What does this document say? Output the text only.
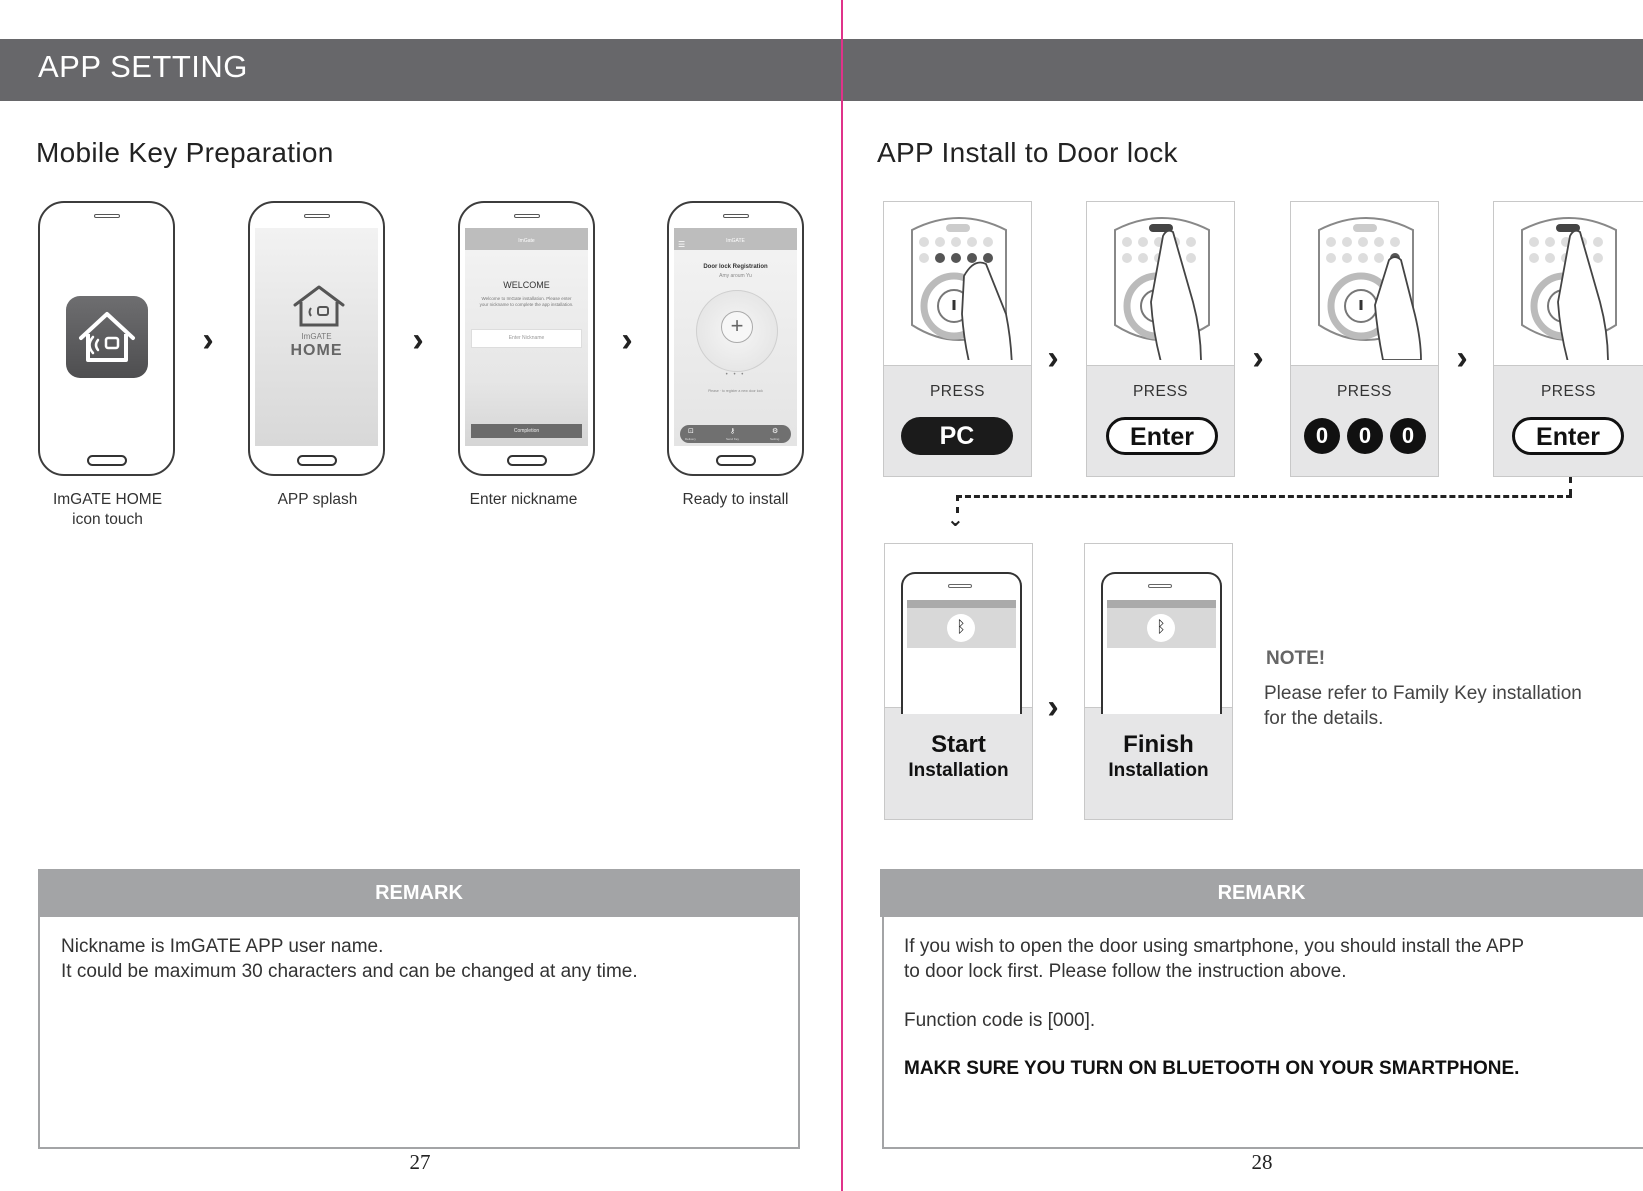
APP SETTING
Mobile Key Preparation
ImGATE HOME
icon touch
›	ImGATE
HOME
APP splash
›
ImGate
WELCOME
Welcome to ImGate installation. Please enter your nickname to complete the app installation.
Enter Nickname
Completion
Enter nickname
›
ImGATE
☰
Door lock Registration
Amy aroum Yu
+
• • •
Please · to register a new door lock
⊡
Delivery
⚷
Send Key
⚙
Setting
Ready to install
REMARK
Nickname is ImGATE APP user name.
It could be maximum 30 characters and can be changed at any time.
27
APP Install to Door lock
PRESS
PC
›
PRESS
Enter
›
PRESS
0	0	0
›
PRESS
Enter
⌄
ᛒ
Start
Installation
›
ᛒ
Finish
Installation
NOTE!
Please refer to Family Key installation
for the details.
REMARK
If you wish to open the door using smartphone, you should install the APP
to door lock first. Please follow the instruction above.
Function code is [000].
MAKR SURE YOU TURN ON BLUETOOTH ON YOUR SMARTPHONE.
28
